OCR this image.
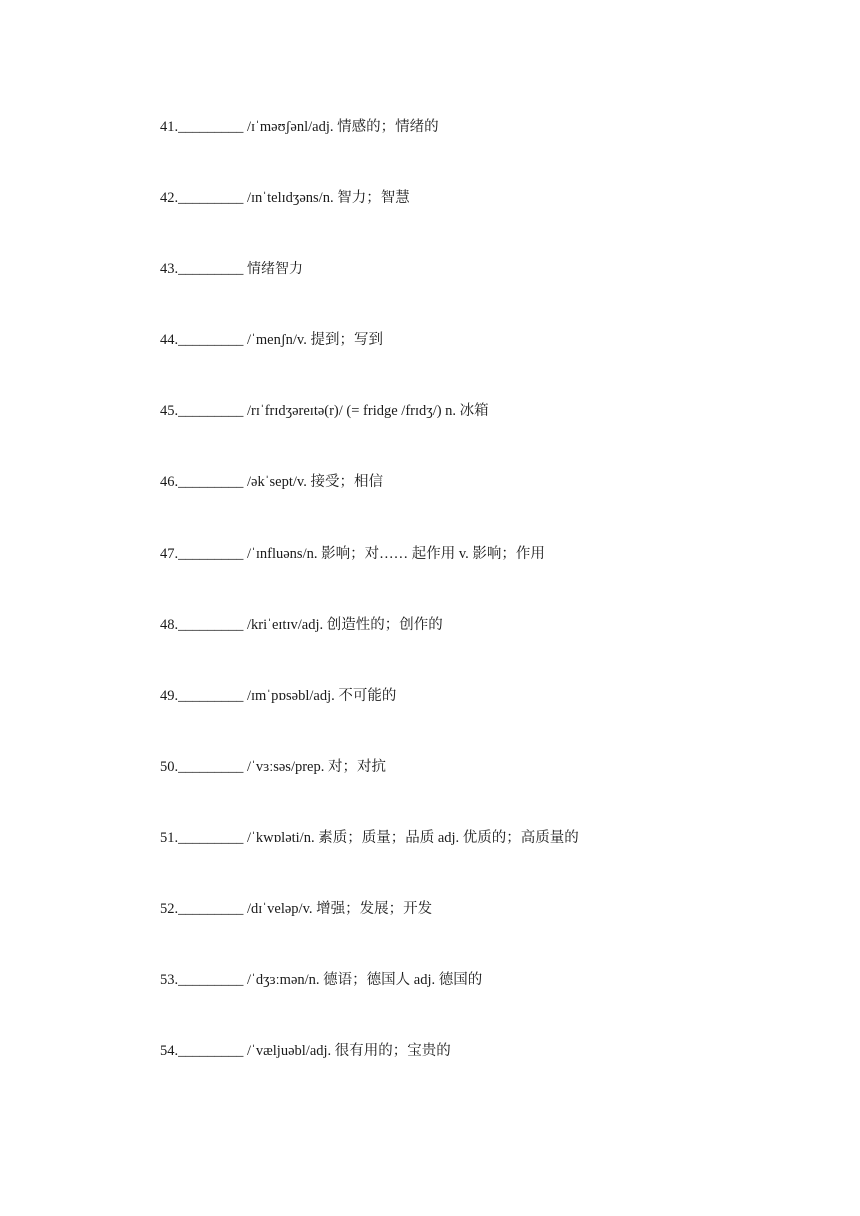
41._________ /ɪˈməʊʃənl/adj. 情感的；情绪的
42._________ /ɪnˈtelɪdʒəns/n. 智力；智慧
43._________ 情绪智力
44._________ /ˈmenʃn/v. 提到；写到
45._________ /rɪˈfrɪdʒəreɪtə(r)/ (= fridge /frɪdʒ/) n. 冰箱
46._________ /əkˈsept/v. 接受；相信
47._________ /ˈɪnfluəns/n. 影响；对…… 起作用 v. 影响；作用
48._________ /kriˈeɪtɪv/adj. 创造性的；创作的
49._________ /ɪmˈpɒsəbl/adj. 不可能的
50._________ /ˈvɜːsəs/prep. 对；对抗
51._________ /ˈkwɒləti/n. 素质；质量；品质 adj. 优质的；高质量的
52._________ /dɪˈveləp/v. 增强；发展；开发
53._________ /ˈdʒɜːmən/n. 德语；德国人 adj. 德国的
54._________ /ˈvæljuəbl/adj. 很有用的；宝贵的
